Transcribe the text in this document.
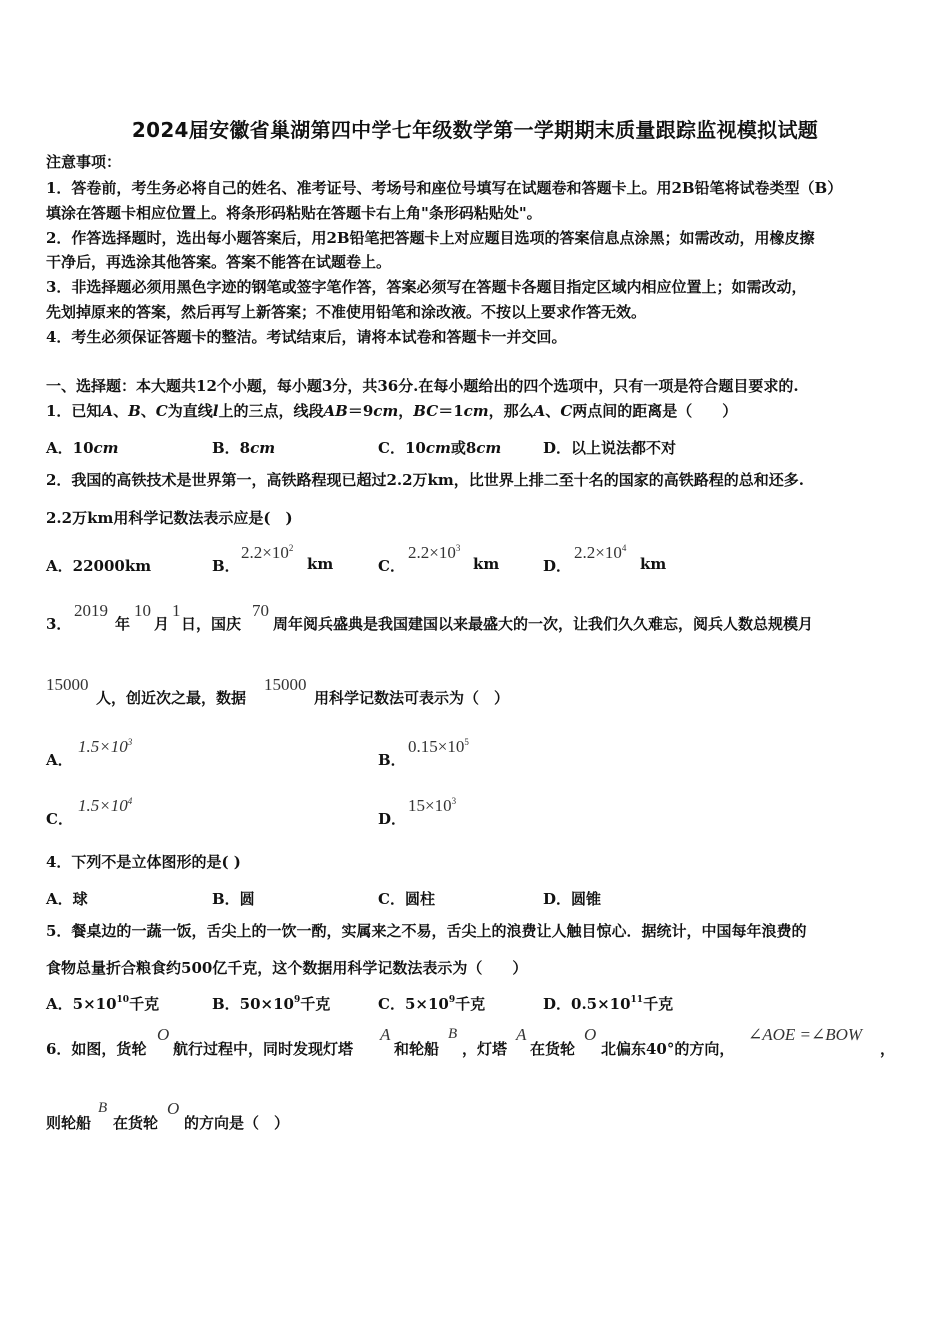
2024届安徽省巢湖第四中学七年级数学第一学期期末质量跟踪监视模拟试题
注意事项：
1．答卷前，考生务必将自己的姓名、准考证号、考场号和座位号填写在试题卷和答题卡上。用2B铅笔将试卷类型（B）
填涂在答题卡相应位置上。将条形码粘贴在答题卡右上角"条形码粘贴处"。
2．作答选择题时，选出每小题答案后，用2B铅笔把答题卡上对应题目选项的答案信息点涂黑；如需改动，用橡皮擦
干净后，再选涂其他答案。答案不能答在试题卷上。
3．非选择题必须用黑色字迹的钢笔或签字笔作答，答案必须写在答题卡各题目指定区域内相应位置上；如需改动，
先划掉原来的答案，然后再写上新答案；不准使用铅笔和涂改液。不按以上要求作答无效。
4．考生必须保证答题卡的整洁。考试结束后，请将本试卷和答题卡一并交回。
一、选择题：本大题共12个小题，每小题3分，共36分.在每小题给出的四个选项中，只有一项是符合题目要求的.
1．已知A、B、C为直线l上的三点，线段AB＝9cm，BC＝1cm，那么A、C两点间的距离是（　　）
A．10cm	B．8cm	C．10cm或8cm	D．以上说法都不对
2．我国的高铁技术是世界第一，高铁路程现已超过2.2万km，比世界上排二至十名的国家的高铁路程的总和还多.
2.2万km用科学记数法表示应是(　)
A．22000km	B．
$2.2\times 10^2$
km	C．
$2.2\times 10^3$
km	D．
$2.2\times 10^4$
km
3．
2019
年
10
月
1
日，国庆
70
周年阅兵盛典是我国建国以来最盛大的一次，让我们久久难忘，阅兵人数总规模月
15000
人，创近次之最，数据
15000
用科学记数法可表示为（　）
A．
$1.5\times 10^3$
B．
$0.15\times 10^5$
C．
$1.5\times 10^4$
D．
$15\times 10^3$
4．下列不是立体图形的是( )
A．球	B．圆	C．圆柱	D．圆锥
5．餐桌边的一蔬一饭，舌尖上的一饮一酌，实属来之不易，舌尖上的浪费让人触目惊心．据统计，中国每年浪费的
食物总量折合粮食约500亿千克，这个数据用科学记数法表示为（　　）
A．$5\times 10^{10}$千克	B．$50\times 10^9$千克	C．$5\times 10^9$千克	D．$0.5\times 10^{11}$千克
6．如图，货轮
O
航行过程中，同时发现灯塔
A
和轮船
B
，灯塔
A
在货轮
O
北偏东40°的方向，
∠AOE =∠BOW
，
则轮船
B
在货轮
O
的方向是（　）
